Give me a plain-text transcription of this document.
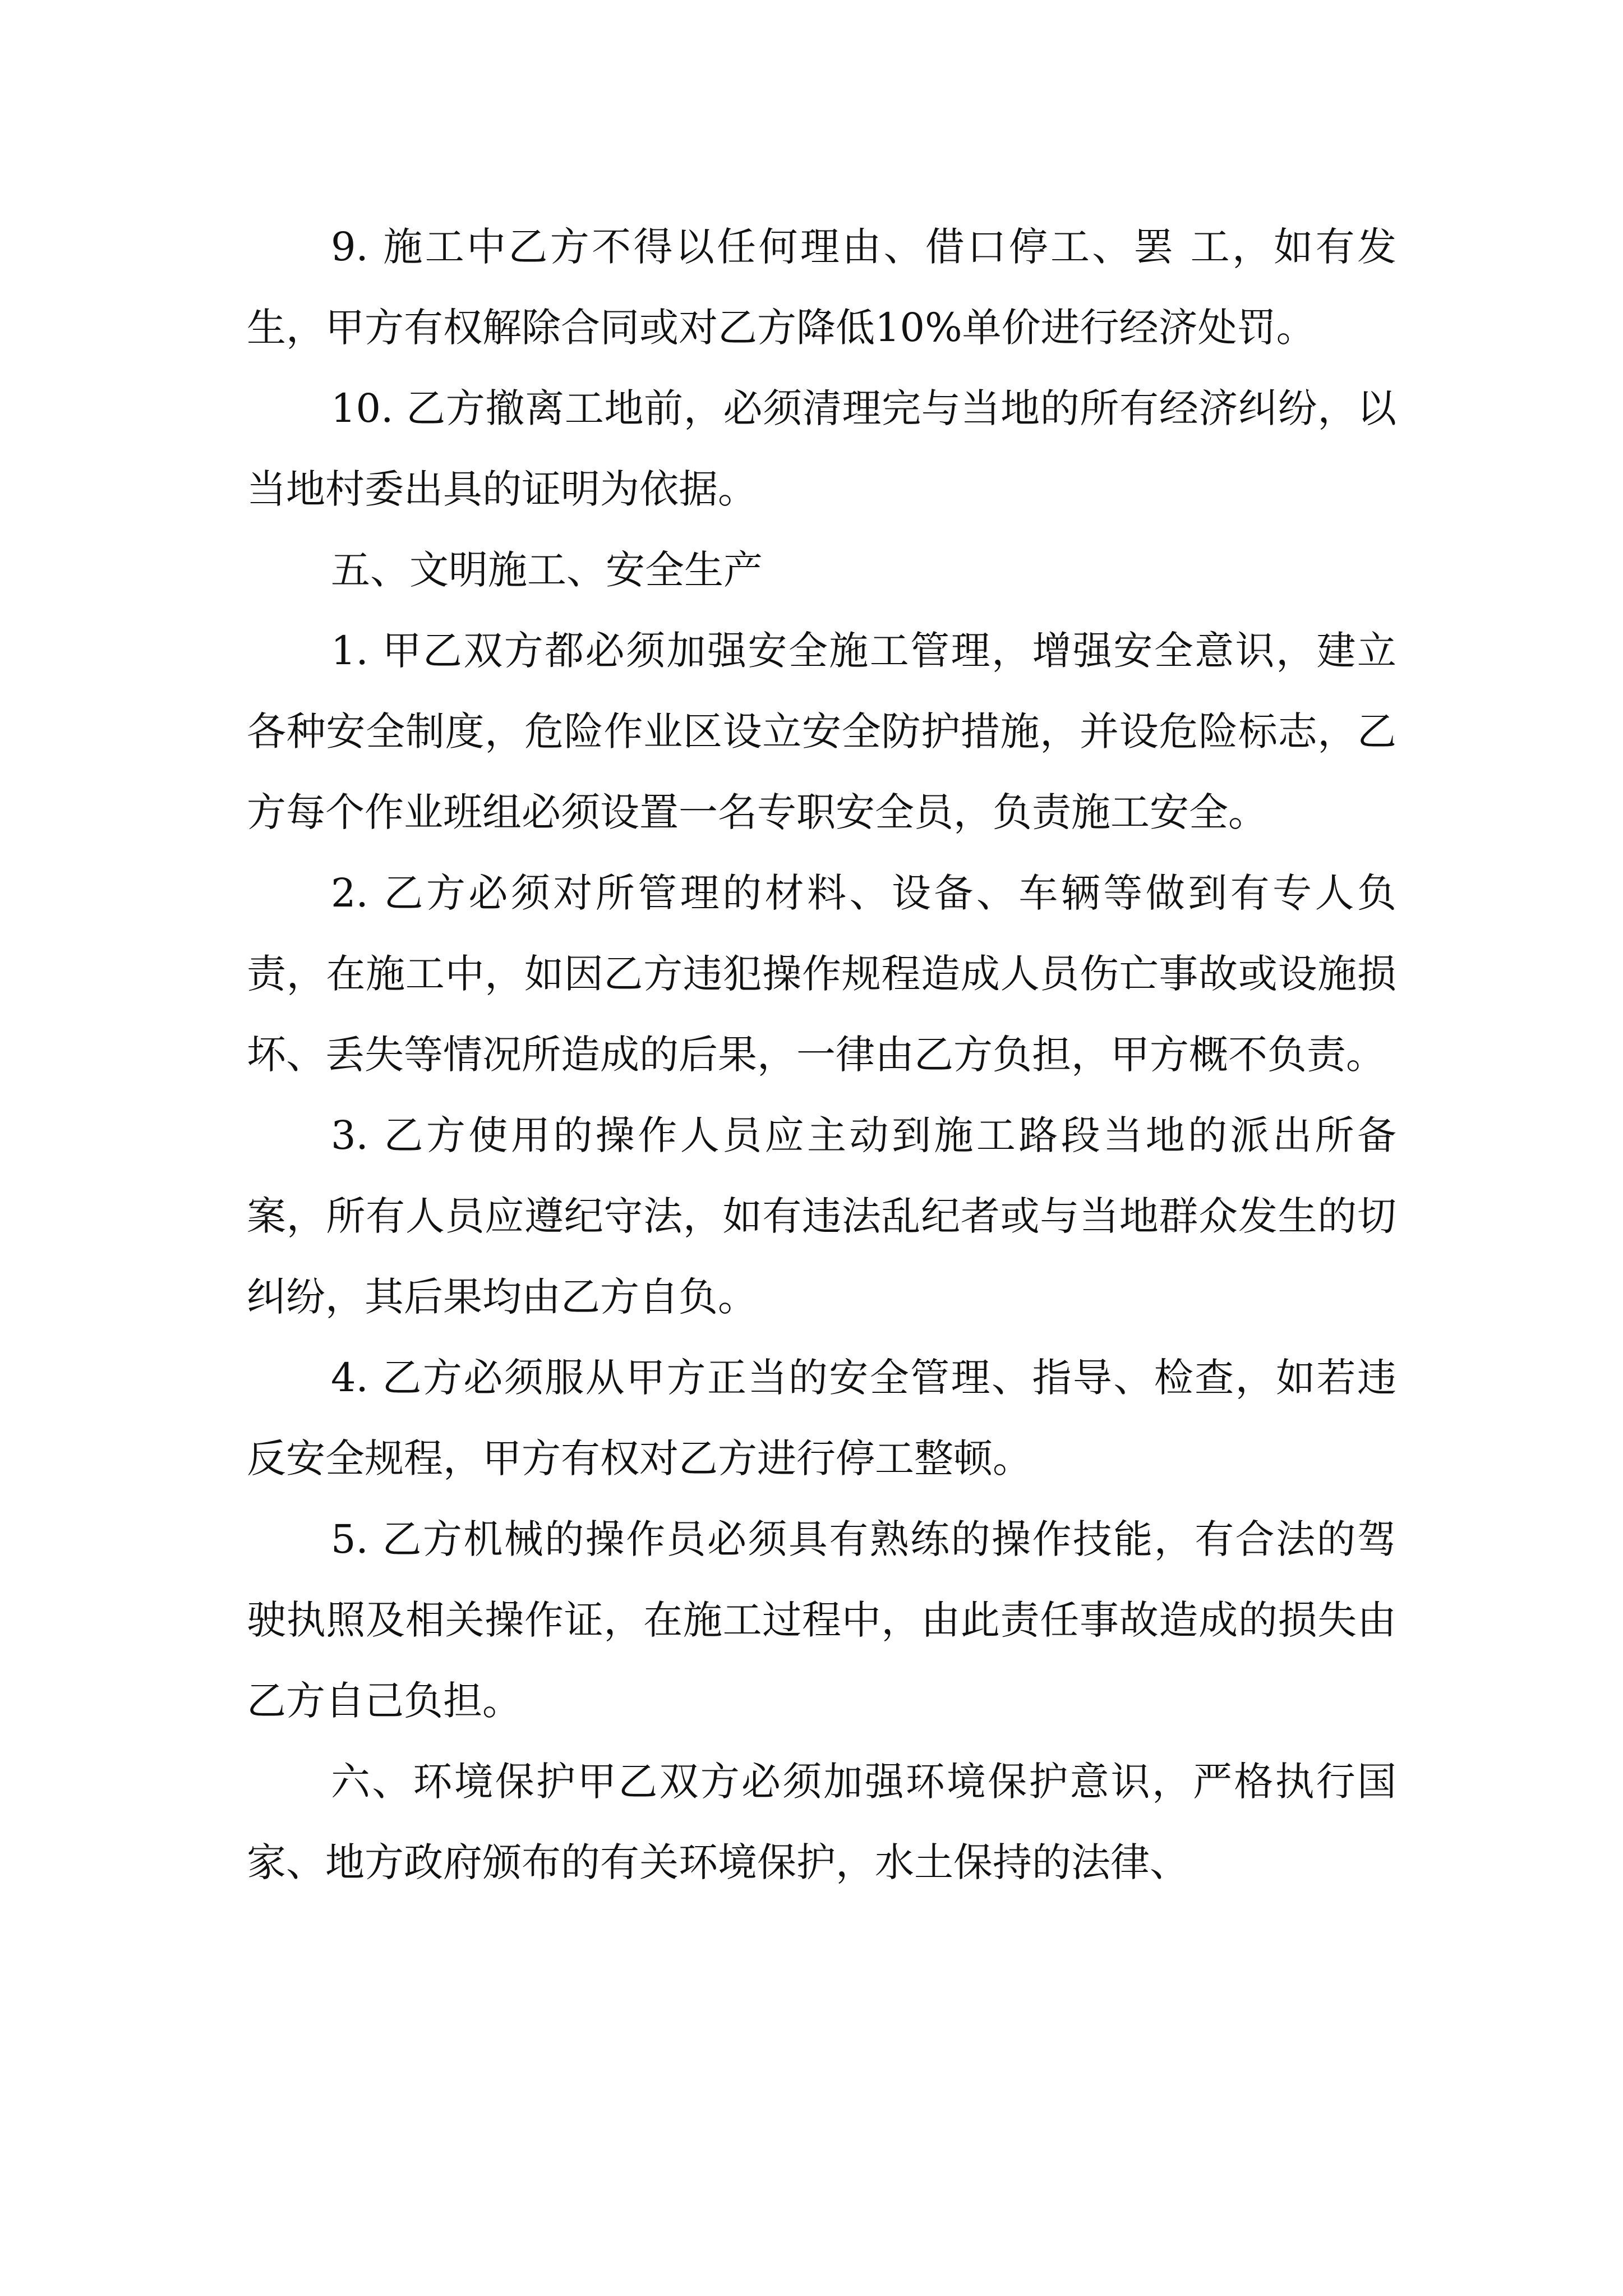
9. 施工中乙方不得以任何理由、借口停工、罢 工，如有发生，甲方有权解除合同或对乙方降低10%单价进行经济处罚。

10. 乙方撤离工地前，必须清理完与当地的所有经济纠纷，以当地村委出具的证明为依据。

五、文明施工、安全生产

1. 甲乙双方都必须加强安全施工管理，增强安全意识，建立各种安全制度，危险作业区设立安全防护措施，并设危险标志，乙方每个作业班组必须设置一名专职安全员，负责施工安全。

2. 乙方必须对所管理的材料、设备、车辆等做到有专人负责，在施工中，如因乙方违犯操作规程造成人员伤亡事故或设施损坏、丢失等情况所造成的后果，一律由乙方负担，甲方概不负责。

3. 乙方使用的操作人员应主动到施工路段当地的派出所备案，所有人员应遵纪守法，如有违法乱纪者或与当地群众发生的切纠纷，其后果均由乙方自负。

4. 乙方必须服从甲方正当的安全管理、指导、检查，如若违反安全规程，甲方有权对乙方进行停工整顿。

5. 乙方机械的操作员必须具有熟练的操作技能，有合法的驾驶执照及相关操作证，在施工过程中，由此责任事故造成的损失由乙方自己负担。

六、环境保护甲乙双方必须加强环境保护意识，严格执行国家、地方政府颁布的有关环境保护，水土保持的法律、
